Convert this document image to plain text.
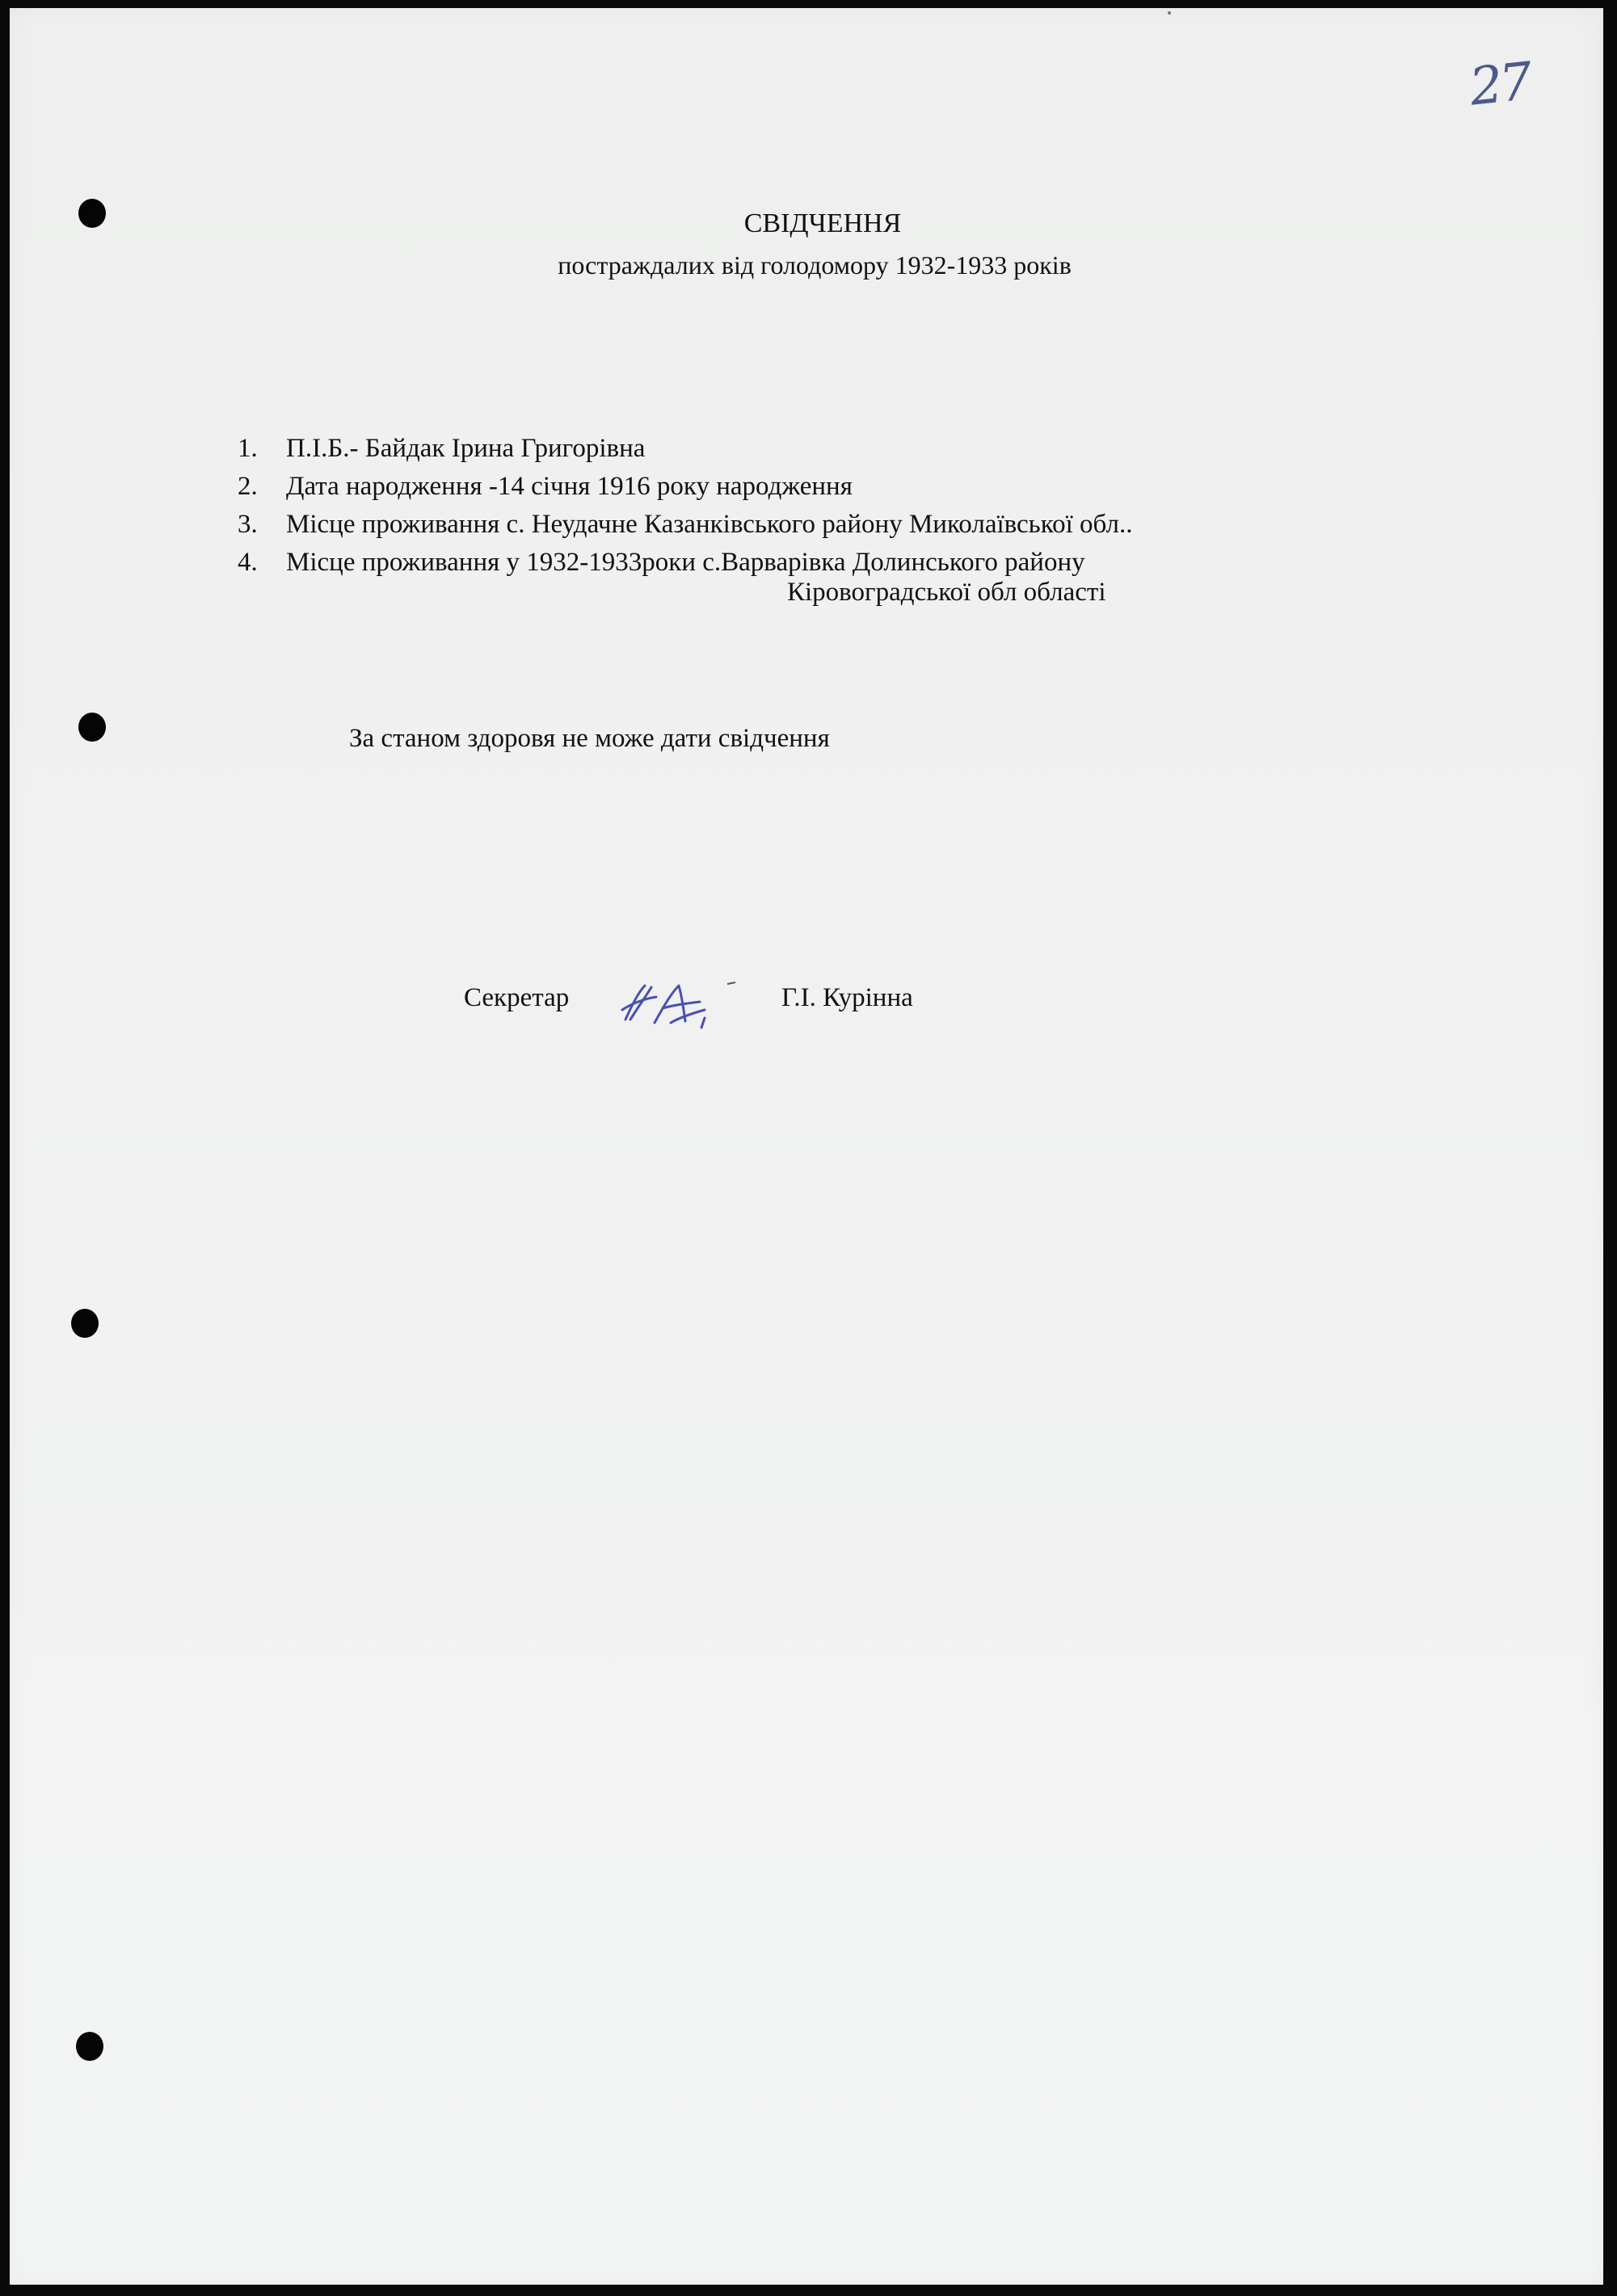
27
СВІДЧЕННЯ
постраждалих від голодомору 1932-1933 років
1.	П.І.Б.- Байдак Ірина Григорівна
2.	Дата народження -14 січня 1916 року народження
3.	Місце проживання с. Неудачне Казанківського району Миколаївської обл..
4.	Місце проживання у 1932-1933роки с.Варварівка Долинського району
Кіровоградської обл області
За станом здоровя не може дати свідчення
Секретар	Г.І. Курінна
